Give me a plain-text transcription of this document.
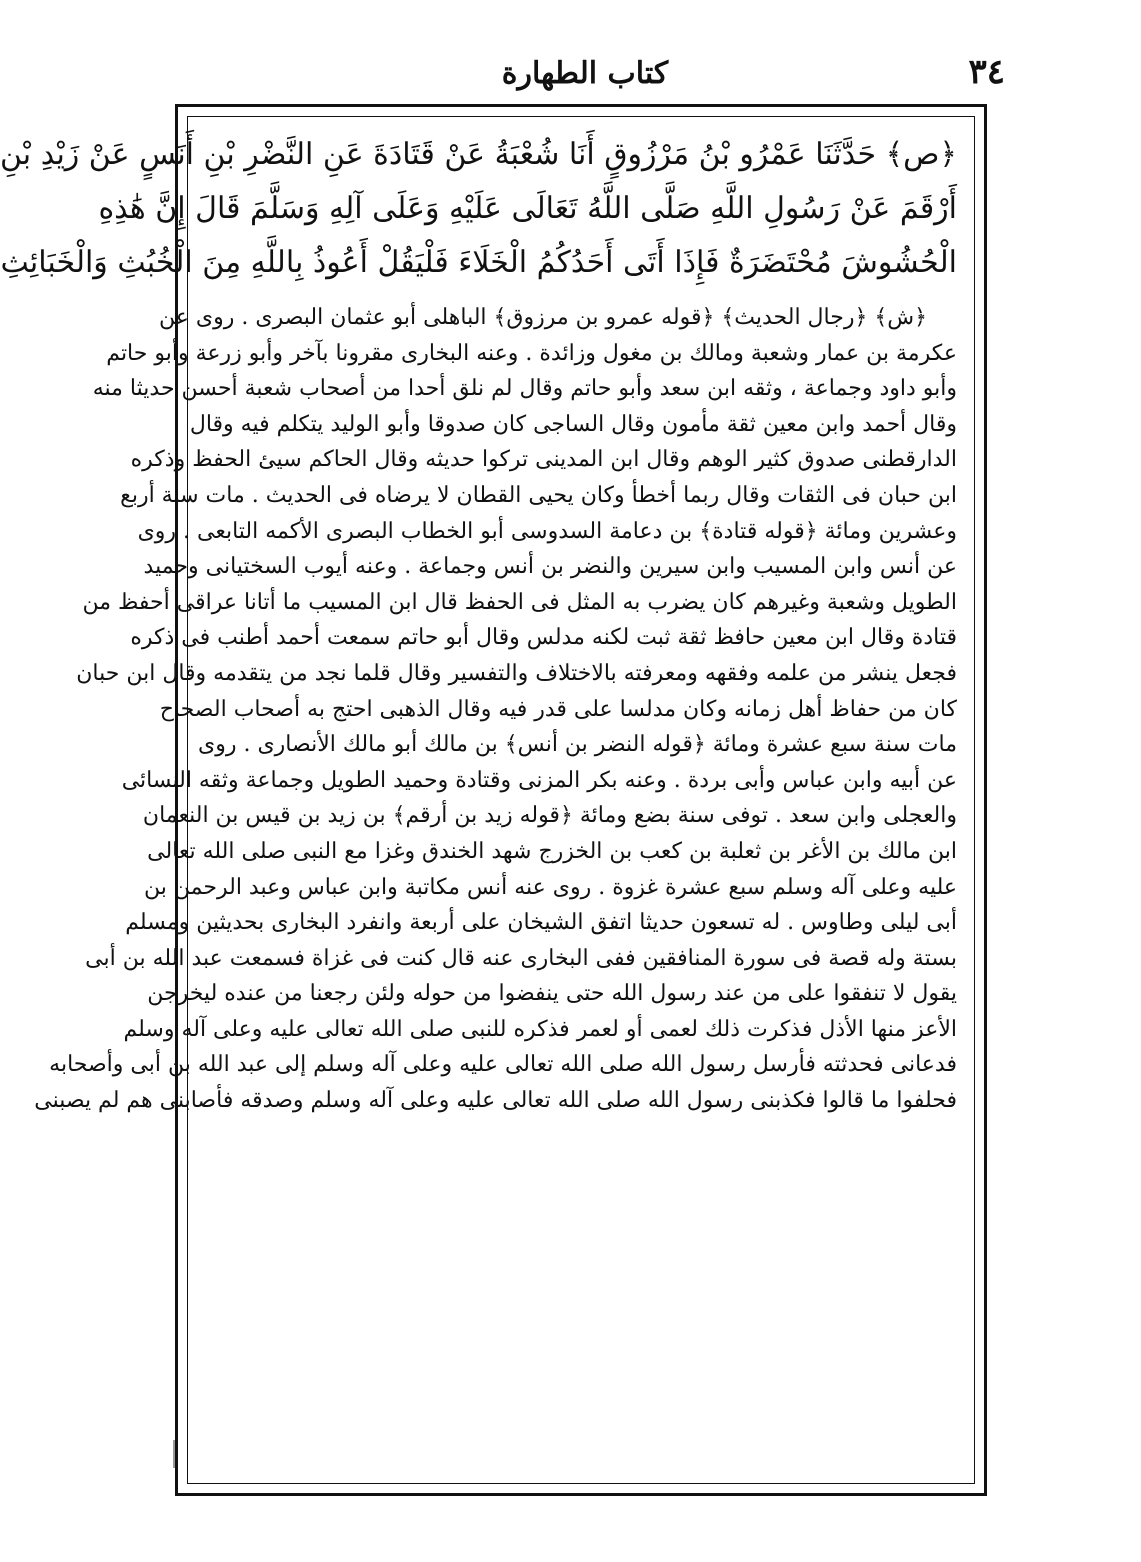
كتاب الطهارة	٣٤

﴿ص﴾ حَدَّثَنَا عَمْرُو بْنُ مَرْزُوقٍ أَنَا شُعْبَةُ عَنْ قَتَادَةَ عَنِ النَّضْرِ بْنِ أَنَسٍ عَنْ زَيْدِ بْنِ

أَرْقَمَ عَنْ رَسُولِ اللَّهِ صَلَّى اللَّهُ تَعَالَى عَلَيْهِ وَعَلَى آلِهِ وَسَلَّمَ قَالَ إِنَّ هَٰذِهِ

الْحُشُوشَ مُحْتَضَرَةٌ فَإِذَا أَتَى أَحَدُكُمُ الْخَلَاءَ فَلْيَقُلْ أَعُوذُ بِاللَّهِ مِنَ الْخُبُثِ وَالْخَبَائِثِ

﴿ش﴾ ﴿رجال الحديث﴾ ﴿قوله عمرو بن مرزوق﴾ الباهلى أبو عثمان البصرى . روى عن

عكرمة بن عمار وشعبة ومالك بن مغول وزائدة . وعنه البخارى مقرونا بآخر وأبو زرعة وأبو حاتم

وأبو داود وجماعة ، وثقه ابن سعد وأبو حاتم وقال لم نلق أحدا من أصحاب شعبة أحسن حديثا منه

وقال أحمد وابن معين ثقة مأمون وقال الساجى كان صدوقا وأبو الوليد يتكلم فيه وقال

الدارقطنى صدوق كثير الوهم وقال ابن المدينى تركوا حديثه وقال الحاكم سيئ الحفظ وذكره

ابن حبان فى الثقات وقال ربما أخطأ وكان يحيى القطان لا يرضاه فى الحديث . مات سنة أربع

وعشرين ومائة ﴿قوله قتادة﴾ بن دعامة السدوسى أبو الخطاب البصرى الأكمه التابعى . روى

عن أنس وابن المسيب وابن سيرين والنضر بن أنس وجماعة . وعنه أيوب السختيانى وحميد

الطويل وشعبة وغيرهم كان يضرب به المثل فى الحفظ قال ابن المسيب ما أتانا عراقى أحفظ من

قتادة وقال ابن معين حافظ ثقة ثبت لكنه مدلس وقال أبو حاتم سمعت أحمد أطنب فى ذكره

فجعل ينشر من علمه وفقهه ومعرفته بالاختلاف والتفسير وقال قلما نجد من يتقدمه وقال ابن حبان

كان من حفاظ أهل زمانه وكان مدلسا على قدر فيه وقال الذهبى احتج به أصحاب الصحاح

مات سنة سبع عشرة ومائة ﴿قوله النضر بن أنس﴾ بن مالك أبو مالك الأنصارى . روى

عن أبيه وابن عباس وأبى بردة . وعنه بكر المزنى وقتادة وحميد الطويل وجماعة وثقه النسائى

والعجلى وابن سعد . توفى سنة بضع ومائة ﴿قوله زيد بن أرقم﴾ بن زيد بن قيس بن النعمان

ابن مالك بن الأغر بن ثعلبة بن كعب بن الخزرج شهد الخندق وغزا مع النبى صلى الله تعالى

عليه وعلى آله وسلم سبع عشرة غزوة . روى عنه أنس مكاتبة وابن عباس وعبد الرحمن بن

أبى ليلى وطاوس . له تسعون حديثا اتفق الشيخان على أربعة وانفرد البخارى بحديثين ومسلم

بستة وله قصة فى سورة المنافقين ففى البخارى عنه قال كنت فى غزاة فسمعت عبد الله بن أبى

يقول لا تنفقوا على من عند رسول الله حتى ينفضوا من حوله ولئن رجعنا من عنده ليخرجن

الأعز منها الأذل فذكرت ذلك لعمى أو لعمر فذكره للنبى صلى الله تعالى عليه وعلى آله وسلم

فدعانى فحدثته فأرسل رسول الله صلى الله تعالى عليه وعلى آله وسلم إلى عبد الله بن أبى وأصحابه

فحلفوا ما قالوا فكذبنى رسول الله صلى الله تعالى عليه وعلى آله وسلم وصدقه فأصابنى هم لم يصبنى
